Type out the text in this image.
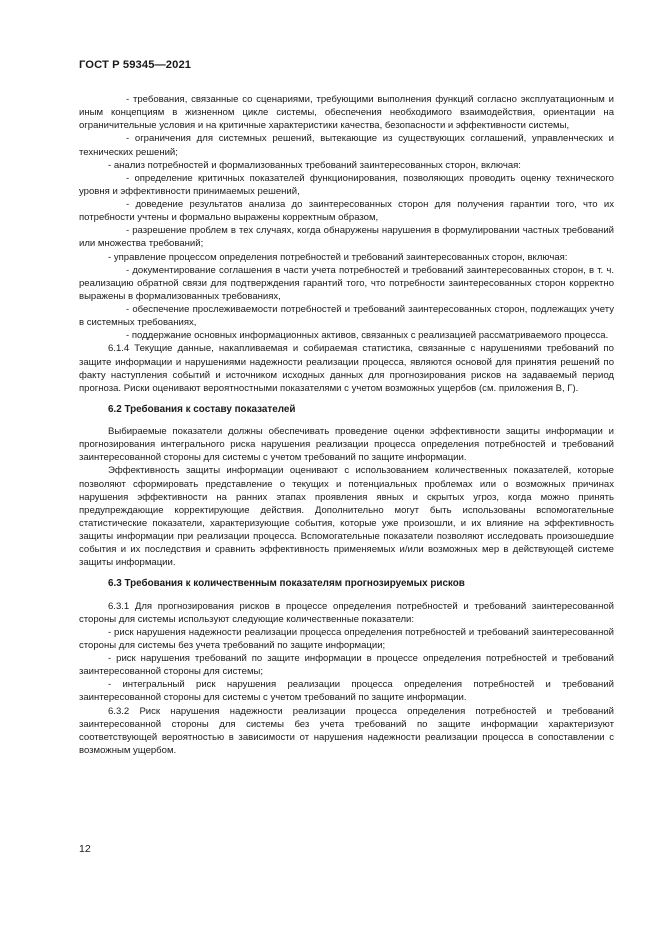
ГОСТ Р 59345—2021

- требования, связанные со сценариями, требующими выполнения функций согласно эксплуатационным и иным концепциям в жизненном цикле системы, обеспечения необходимого взаимодействия, ориентации на ограничительные условия и на критичные характеристики качества, безопасности и эффективности системы,

- ограничения для системных решений, вытекающие из существующих соглашений, управленческих и технических решений;

- анализ потребностей и формализованных требований заинтересованных сторон, включая:

- определение критичных показателей функционирования, позволяющих проводить оценку технического уровня и эффективности принимаемых решений,

- доведение результатов анализа до заинтересованных сторон для получения гарантии того, что их потребности учтены и формально выражены корректным образом,

- разрешение проблем в тех случаях, когда обнаружены нарушения в формулировании частных требований или множества требований;

- управление процессом определения потребностей и требований заинтересованных сторон, включая:

- документирование соглашения в части учета потребностей и требований заинтересованных сторон, в т. ч. реализацию обратной связи для подтверждения гарантий того, что потребности заинтересованных сторон корректно выражены в формализованных требованиях,

- обеспечение прослеживаемости потребностей и требований заинтересованных сторон, подлежащих учету в системных требованиях,

- поддержание основных информационных активов, связанных с реализацией рассматриваемого процесса.

6.1.4 Текущие данные, накапливаемая и собираемая статистика, связанные с нарушениями требований по защите информации и нарушениями надежности реализации процесса, являются основой для принятия решений по факту наступления событий и источником исходных данных для прогнозирования рисков на задаваемый период прогноза. Риски оценивают вероятностными показателями с учетом возможных ущербов (см. приложения В, Г).

6.2 Требования к составу показателей

Выбираемые показатели должны обеспечивать проведение оценки эффективности защиты информации и прогнозирования интегрального риска нарушения реализации процесса определения потребностей и требований заинтересованной стороны для системы с учетом требований по защите информации.

Эффективность защиты информации оценивают с использованием количественных показателей, которые позволяют сформировать представление о текущих и потенциальных проблемах или о возможных причинах нарушения эффективности на ранних этапах проявления явных и скрытых угроз, когда можно принять предупреждающие корректирующие действия. Дополнительно могут быть использованы вспомогательные статистические показатели, характеризующие события, которые уже произошли, и их влияние на эффективность защиты информации при реализации процесса. Вспомогательные показатели позволяют исследовать произошедшие события и их последствия и сравнить эффективность применяемых и/или возможных мер в действующей системе защиты информации.

6.3 Требования к количественным показателям прогнозируемых рисков

6.3.1 Для прогнозирования рисков в процессе определения потребностей и требований заинтересованной стороны для системы используют следующие количественные показатели:

- риск нарушения надежности реализации процесса определения потребностей и требований заинтересованной стороны для системы без учета требований по защите информации;

- риск нарушения требований по защите информации в процессе определения потребностей и требований заинтересованной стороны для системы;

- интегральный риск нарушения реализации процесса определения потребностей и требований заинтересованной стороны для системы с учетом требований по защите информации.

6.3.2 Риск нарушения надежности реализации процесса определения потребностей и требований заинтересованной стороны для системы без учета требований по защите информации характеризуют соответствующей вероятностью в зависимости от нарушения надежности реализации процесса в сопоставлении с возможным ущербом.

12
